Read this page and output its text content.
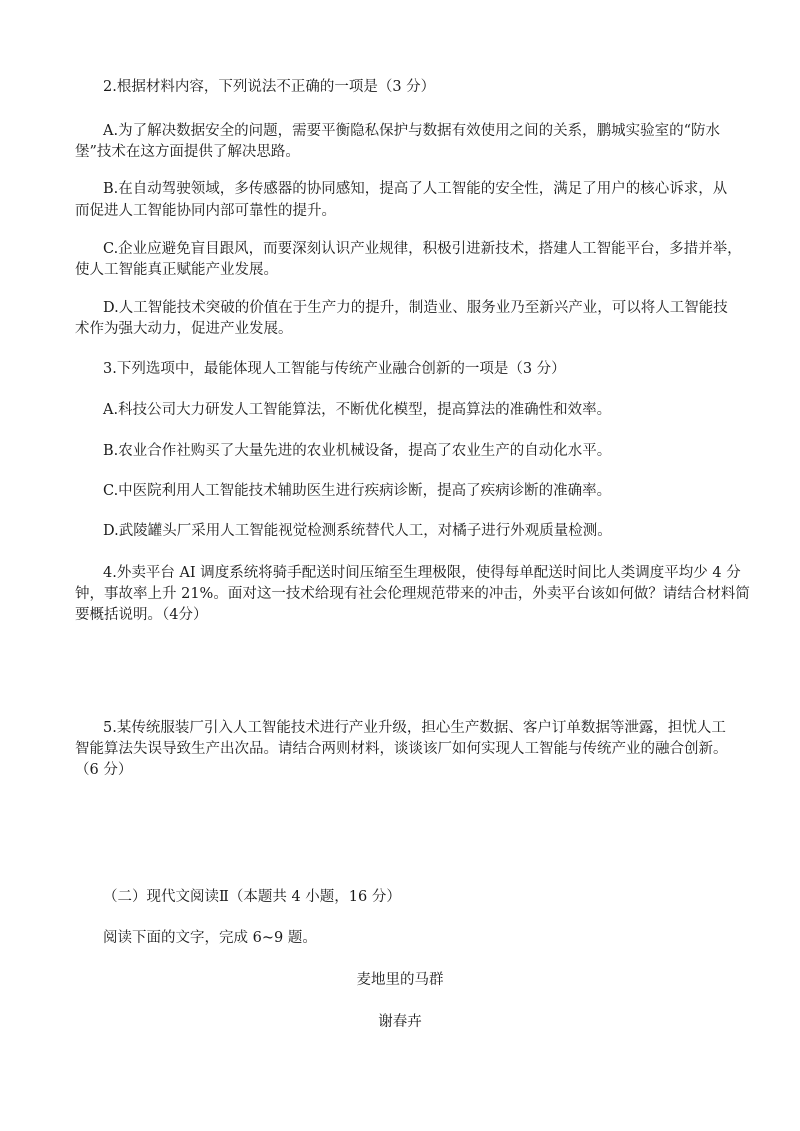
2.根据材料内容，下列说法不正确的一项是（3 分）

A.为了解决数据安全的问题，需要平衡隐私保护与数据有效使用之间的关系，鹏城实验室的“防水

堡”技术在这方面提供了解决思路。

B.在自动驾驶领域，多传感器的协同感知，提高了人工智能的安全性，满足了用户的核心诉求，从

而促进人工智能协同内部可靠性的提升。

C.企业应避免盲目跟风，而要深刻认识产业规律，积极引进新技术，搭建人工智能平台，多措并举，

使人工智能真正赋能产业发展。

D.人工智能技术突破的价值在于生产力的提升，制造业、服务业乃至新兴产业，可以将人工智能技

术作为强大动力，促进产业发展。

3.下列选项中，最能体现人工智能与传统产业融合创新的一项是（3 分）

A.科技公司大力研发人工智能算法，不断优化模型，提高算法的准确性和效率。

B.农业合作社购买了大量先进的农业机械设备，提高了农业生产的自动化水平。

C.中医院利用人工智能技术辅助医生进行疾病诊断，提高了疾病诊断的准确率。

D.武陵罐头厂采用人工智能视觉检测系统替代人工，对橘子进行外观质量检测。

4.外卖平台 AI 调度系统将骑手配送时间压缩至生理极限，使得每单配送时间比人类调度平均少 4 分

钟，事故率上升 21%。面对这一技术给现有社会伦理规范带来的冲击，外卖平台该如何做？请结合材料简

要概括说明。（4分）

5.某传统服装厂引入人工智能技术进行产业升级，担心生产数据、客户订单数据等泄露，担忧人工

智能算法失误导致生产出次品。请结合两则材料，谈谈该厂如何实现人工智能与传统产业的融合创新。

（6 分）

（二）现代文阅读Ⅱ（本题共 4 小题，16 分）

阅读下面的文字，完成 6~9 题。

麦地里的马群

谢春卉
